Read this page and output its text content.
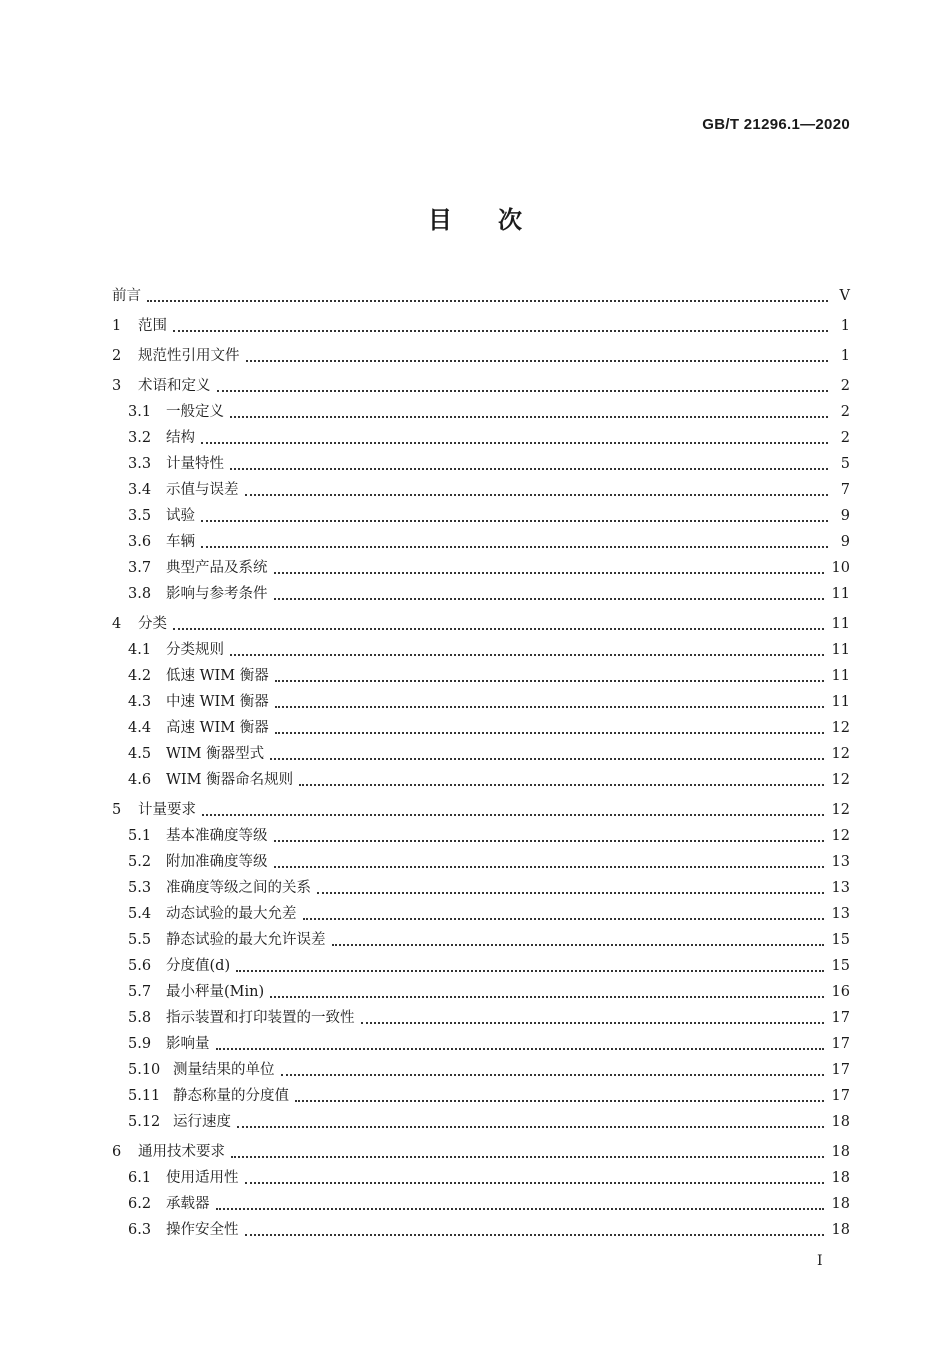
GB/T 21296.1—2020
目 次
前言	Ⅴ
1	范围	1
2	规范性引用文件	1
3	术语和定义	2
3.1	一般定义	2
3.2	结构	2
3.3	计量特性	5
3.4	示值与误差	7
3.5	试验	9
3.6	车辆	9
3.7	典型产品及系统	10
3.8	影响与参考条件	11
4	分类	11
4.1	分类规则	11
4.2	低速 WIM 衡器	11
4.3	中速 WIM 衡器	11
4.4	高速 WIM 衡器	12
4.5	WIM 衡器型式	12
4.6	WIM 衡器命名规则	12
5	计量要求	12
5.1	基本准确度等级	12
5.2	附加准确度等级	13
5.3	准确度等级之间的关系	13
5.4	动态试验的最大允差	13
5.5	静态试验的最大允许误差	15
5.6	分度值(d)	15
5.7	最小秤量(Min)	16
5.8	指示装置和打印装置的一致性	17
5.9	影响量	17
5.10 测量结果的单位	17
5.11 静态称量的分度值	17
5.12 运行速度	18
6	通用技术要求	18
6.1	使用适用性	18
6.2	承载器	18
6.3	操作安全性	18
I
